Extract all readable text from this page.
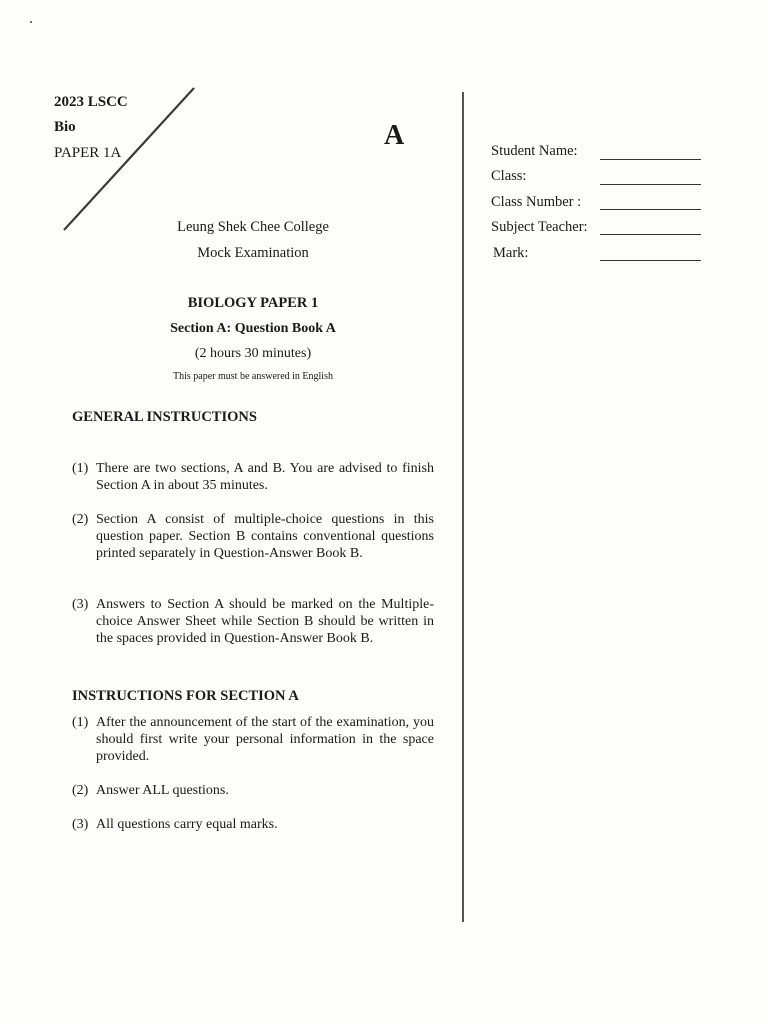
2023 LSCC
Bio
PAPER 1A
A
Leung Shek Chee College
Mock Examination
BIOLOGY PAPER 1
Section A: Question Book A
(2 hours 30 minutes)
This paper must be answered in English
GENERAL INSTRUCTIONS
(1) There are two sections, A and B. You are advised to finish Section A in about 35 minutes.
(2) Section A consist of multiple-choice questions in this question paper. Section B contains conventional questions printed separately in Question-Answer Book B.
(3) Answers to Section A should be marked on the Multiple-choice Answer Sheet while Section B should be written in the spaces provided in Question-Answer Book B.
INSTRUCTIONS FOR SECTION A
(1) After the announcement of the start of the examination, you should first write your personal information in the space provided.
(2) Answer ALL questions.
(3) All questions carry equal marks.
Student Name:
Class:
Class Number :
Subject Teacher:
Mark:
